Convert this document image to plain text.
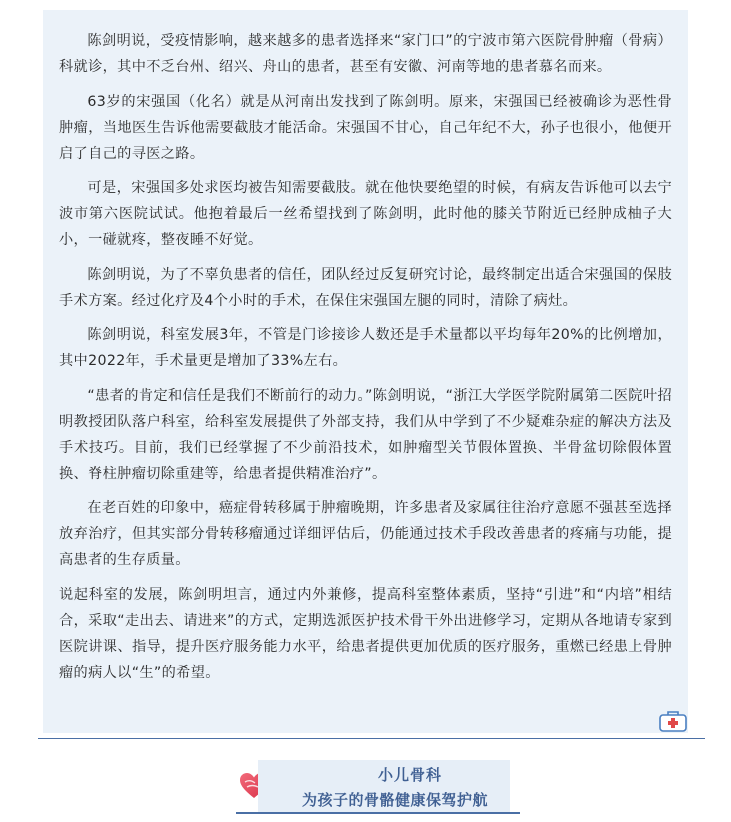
陈剑明说，受疫情影响，越来越多的患者选择来“家门口”的宁波市第六医院骨肿瘤（骨病）科就诊，其中不乏台州、绍兴、舟山的患者，甚至有安徽、河南等地的患者慕名而来。

63岁的宋强国（化名）就是从河南出发找到了陈剑明。原来，宋强国已经被确诊为恶性骨肿瘤，当地医生告诉他需要截肢才能活命。宋强国不甘心，自己年纪不大，孙子也很小，他便开启了自己的寻医之路。

可是，宋强国多处求医均被告知需要截肢。就在他快要绝望的时候，有病友告诉他可以去宁波市第六医院试试。他抱着最后一丝希望找到了陈剑明，此时他的膝关节附近已经肿成柚子大小，一碰就疼，整夜睡不好觉。

陈剑明说，为了不辜负患者的信任，团队经过反复研究讨论，最终制定出适合宋强国的保肢手术方案。经过化疗及4个小时的手术，在保住宋强国左腿的同时，清除了病灶。

陈剑明说，科室发展3年，不管是门诊接诊人数还是手术量都以平均每年20%的比例增加，其中2022年，手术量更是增加了33%左右。

“患者的肯定和信任是我们不断前行的动力。”陈剑明说，“浙江大学医学院附属第二医院叶招明教授团队落户科室，给科室发展提供了外部支持，我们从中学到了不少疑难杂症的解决方法及手术技巧。目前，我们已经掌握了不少前沿技术，如肿瘤型关节假体置换、半骨盆切除假体置换、脊柱肿瘤切除重建等，给患者提供精准治疗”。

在老百姓的印象中，癌症骨转移属于肿瘤晚期，许多患者及家属往往治疗意愿不强甚至选择放弃治疗，但其实部分骨转移瘤通过详细评估后，仍能通过技术手段改善患者的疼痛与功能，提高患者的生存质量。

说起科室的发展，陈剑明坦言，通过内外兼修，提高科室整体素质，坚持“引进”和“内培”相结合，采取“走出去、请进来”的方式，定期选派医护技术骨干外出进修学习，定期从各地请专家到医院讲课、指导，提升医疗服务能力水平，给患者提供更加优质的医疗服务，重燃已经患上骨肿瘤的病人以“生”的希望。

小儿骨科
为孩子的骨骼健康保驾护航
